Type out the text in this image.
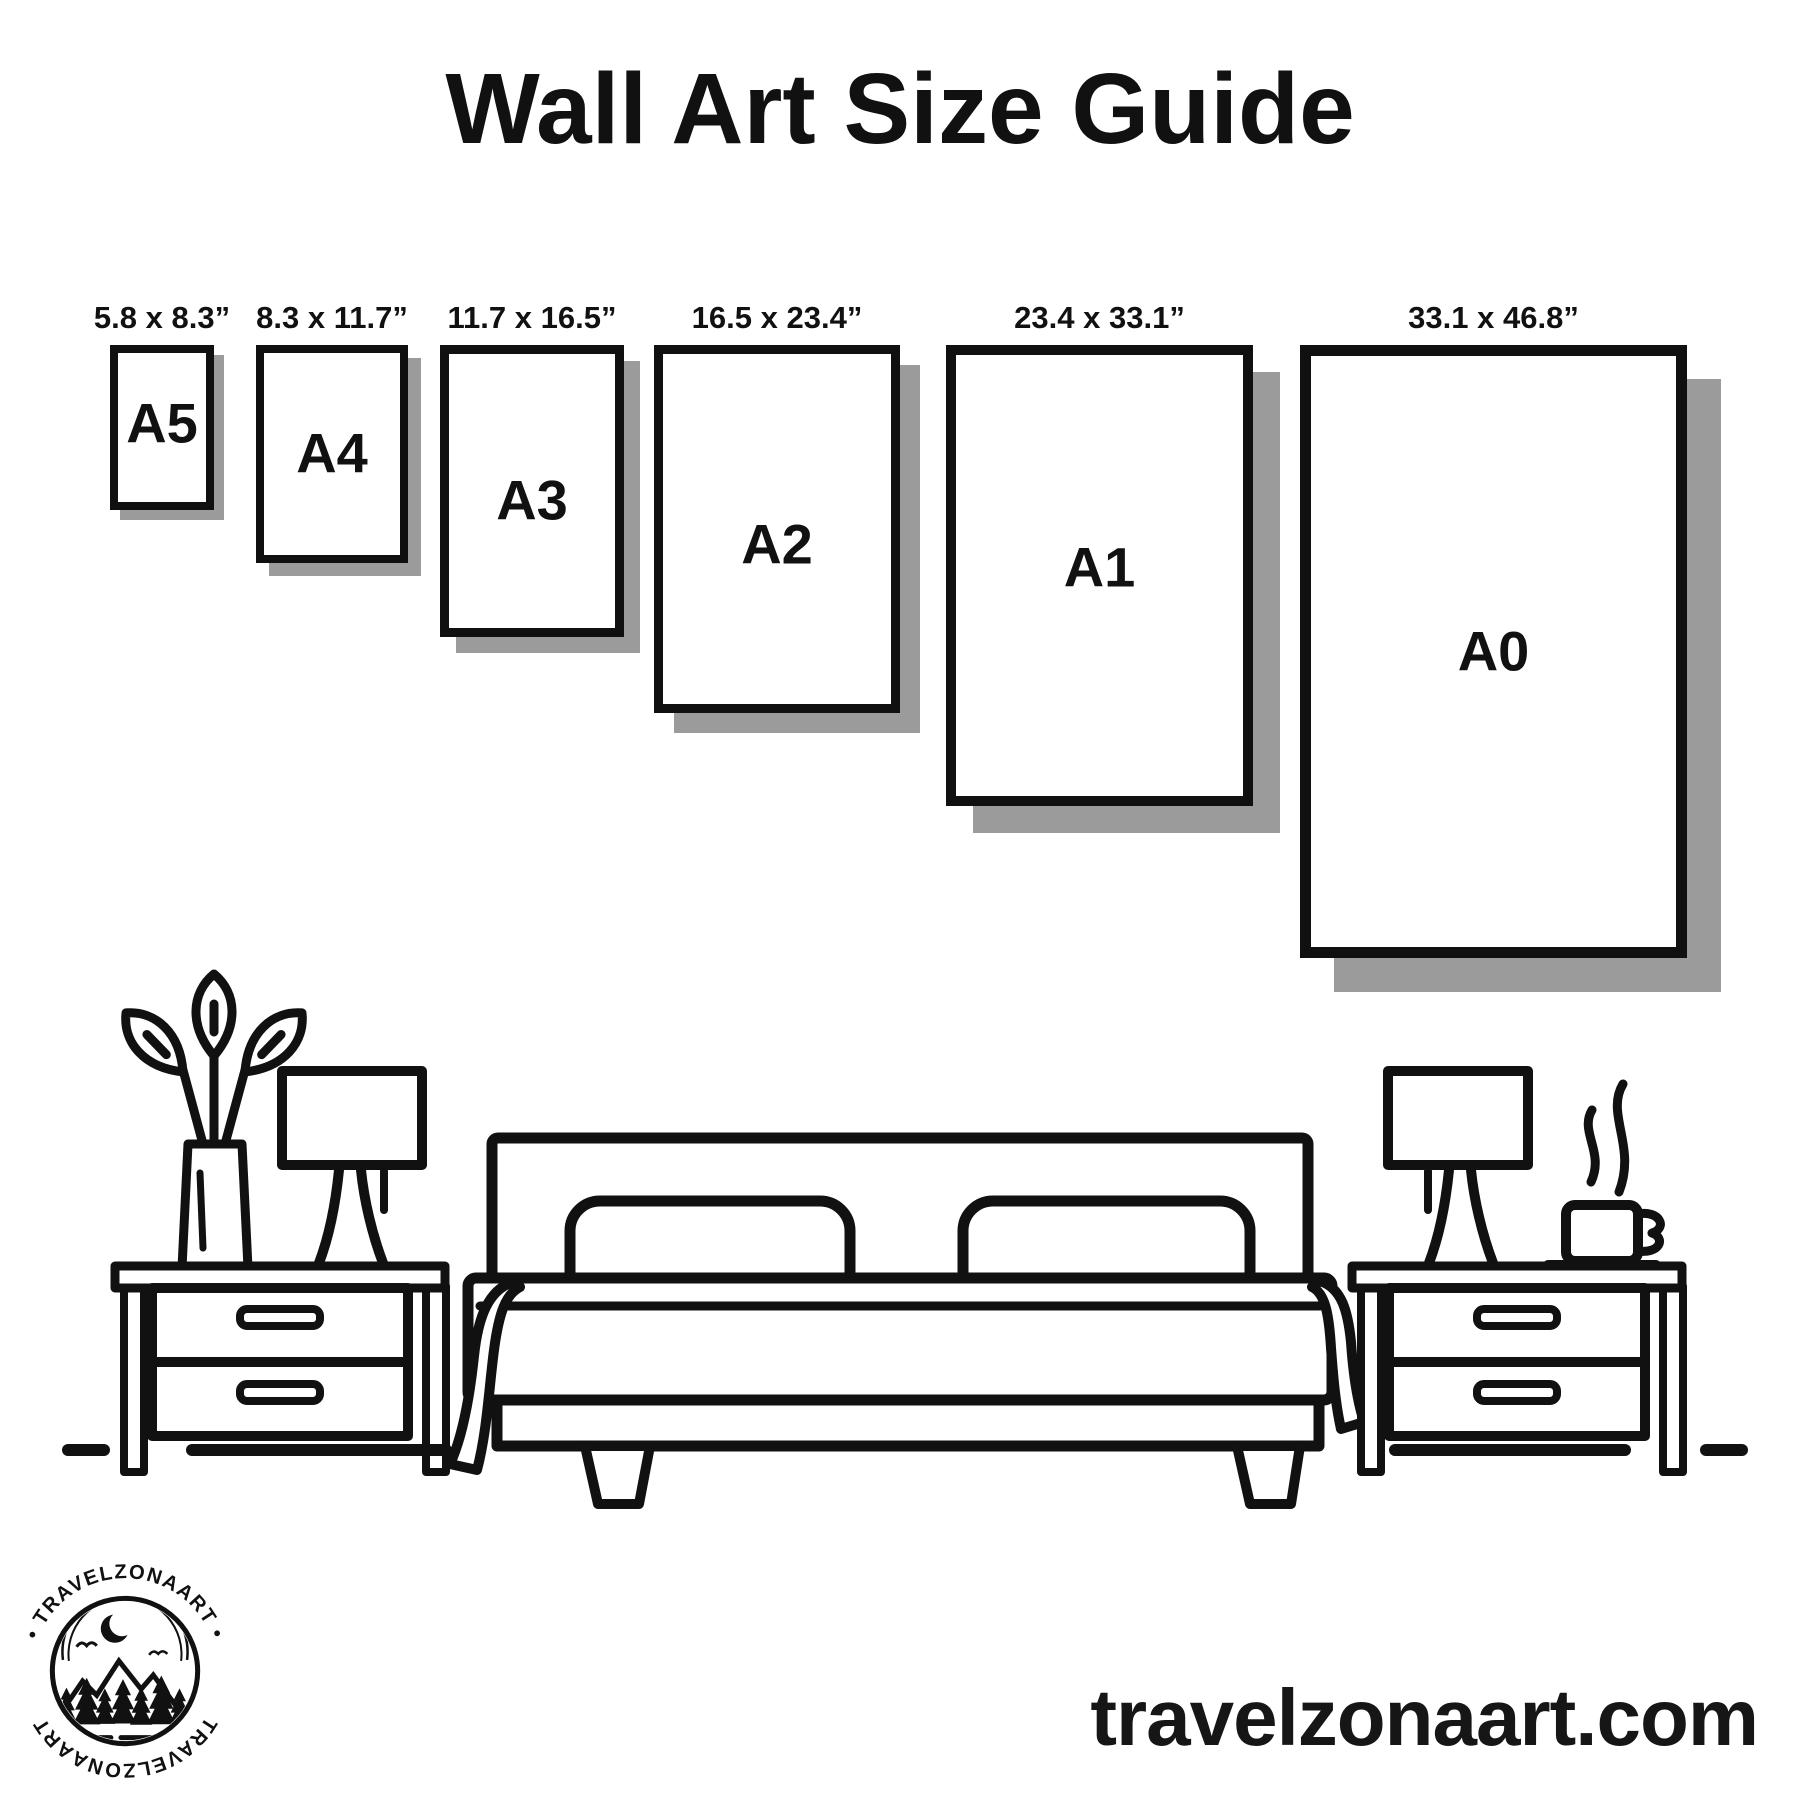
Wall Art Size Guide
5.8 x 8.3”
A5
8.3 x 11.7”
A4
11.7 x 16.5”
A3
16.5 x 23.4”
A2
23.4 x 33.1”
A1
33.1 x 46.8”
A0
• TRAVELZONAART •
TRAVELZONAART	travelzonaart.com
